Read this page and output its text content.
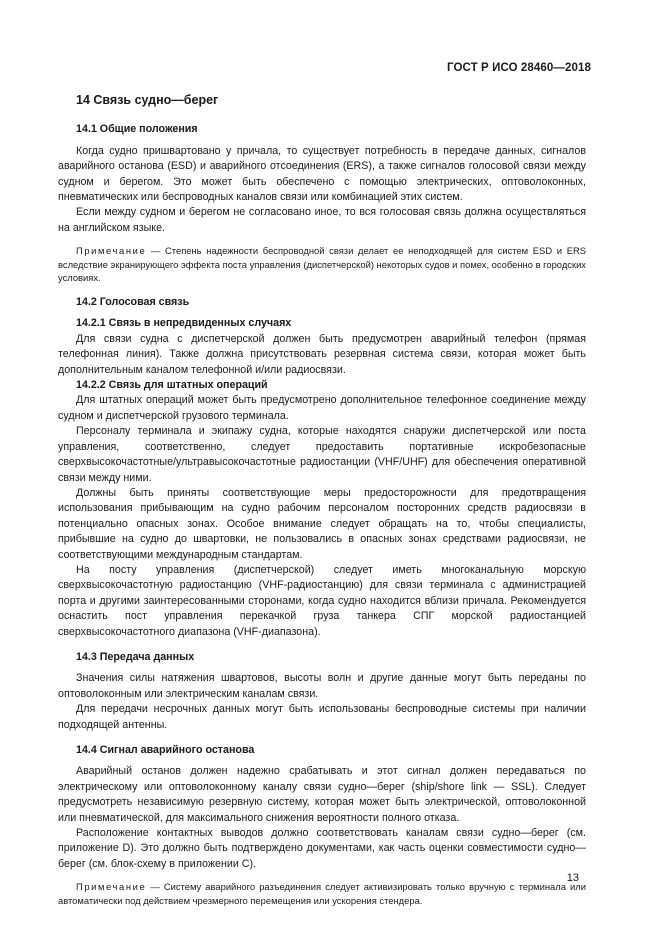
ГОСТ Р ИСО 28460—2018
14 Связь судно—берег
14.1 Общие положения

Когда судно пришвартовано у причала, то существует потребность в передаче данных, сигналов аварийного останова (ESD) и аварийного отсоединения (ERS), а также сигналов голосовой связи между судном и берегом. Это может быть обеспечено с помощью электрических, оптоволоконных, пневматических или беспроводных каналов связи или комбинацией этих систем.

Если между судном и берегом не согласовано иное, то вся голосовая связь должна осуществляться на английском языке.

Примечание — Степень надежности беспроводной связи делает ее неподходящей для систем ESD и ERS вследствие экранирующего эффекта поста управления (диспетчерской) некоторых судов и помех, особенно в городских условиях.

14.2 Голосовая связь
14.2.1 Связь в непредвиденных случаях

Для связи судна с диспетчерской должен быть предусмотрен аварийный телефон (прямая телефонная линия). Также должна присутствовать резервная система связи, которая может быть дополнительным каналом телефонной и/или радиосвязи.

14.2.2 Связь для штатных операций

Для штатных операций может быть предусмотрено дополнительное телефонное соединение между судном и диспетчерской грузового терминала.

Персоналу терминала и экипажу судна, которые находятся снаружи диспетчерской или поста управления, соответственно, следует предоставить портативные искробезопасные сверхвысокочастотные/ультравысокочастотные радиостанции (VHF/UHF) для обеспечения оперативной связи между ними.

Должны быть приняты соответствующие меры предосторожности для предотвращения использования прибывающим на судно рабочим персоналом посторонних средств радиосвязи в потенциально опасных зонах. Особое внимание следует обращать на то, чтобы специалисты, прибывшие на судно до швартовки, не пользовались в опасных зонах средствами радиосвязи, не соответствующими международным стандартам.

На посту управления (диспетчерской) следует иметь многоканальную морскую сверхвысокочастотную радиостанцию (VHF-радиостанцию) для связи терминала с администрацией порта и другими заинтересованными сторонами, когда судно находится вблизи причала. Рекомендуется оснастить пост управления перекачкой груза танкера СПГ морской радиостанцией сверхвысокочастотного диапазона (VHF-диапазона).

14.3 Передача данных

Значения силы натяжения швартовов, высоты волн и другие данные могут быть переданы по оптоволоконным или электрическим каналам связи.

Для передачи несрочных данных могут быть использованы беспроводные системы при наличии подходящей антенны.

14.4 Сигнал аварийного останова

Аварийный останов должен надежно срабатывать и этот сигнал должен передаваться по электрическому или оптоволоконному каналу связи судно—берег (ship/shore link — SSL). Следует предусмотреть независимую резервную систему, которая может быть электрической, оптоволоконной или пневматической, для максимального снижения вероятности полного отказа.

Расположение контактных выводов должно соответствовать каналам связи судно—берег (см. приложение D). Это должно быть подтверждено документами, как часть оценки совместимости судно—берег (см. блок-схему в приложении С).

Примечание — Систему аварийного разъединения следует активизировать только вручную с терминала или автоматически под действием чрезмерного перемещения или ускорения стендера.

13
